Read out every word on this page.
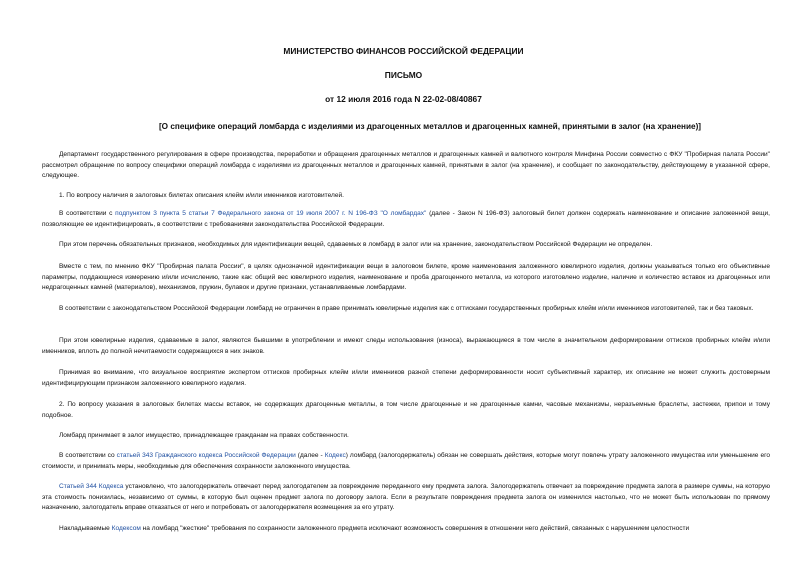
МИНИСТЕРСТВО ФИНАНСОВ РОССИЙСКОЙ ФЕДЕРАЦИИ
ПИСЬМО
от 12 июля 2016 года N 22-02-08/40867
[О специфике операций ломбарда с изделиями из драгоценных металлов и драгоценных камней, принятыми в залог (на хранение)]

Департамент государственного регулирования в сфере производства, переработки и обращения драгоценных металлов и драгоценных камней и валютного контроля Минфина России совместно с ФКУ "Пробирная палата России" рассмотрел обращение по вопросу специфики операций ломбарда с изделиями из драгоценных металлов и драгоценных камней, принятыми в залог (на хранение), и сообщает по законодательству, действующему в указанной сфере, следующее.

1. По вопросу наличия в залоговых билетах описания клейм и/или именников изготовителей.

В соответствии с подпунктом 3 пункта 5 статьи 7 Федерального закона от 19 июля 2007 г. N 196-ФЗ "О ломбардах" (далее - Закон N 196-ФЗ) залоговый билет должен содержать наименование и описание заложенной вещи, позволяющие ее идентифицировать, в соответствии с требованиями законодательства Российской Федерации.

При этом перечень обязательных признаков, необходимых для идентификации вещей, сдаваемых в ломбард в залог или на хранение, законодательством Российской Федерации не определен.

Вместе с тем, по мнению ФКУ "Пробирная палата России", в целях однозначной идентификации вещи в залоговом билете, кроме наименования заложенного ювелирного изделия, должны указываться только его объективные параметры, поддающиеся измерению и/или исчислению, такие как: общий вес ювелирного изделия, наименование и проба драгоценного металла, из которого изготовлено изделие, наличие и количество вставок из драгоценных или недрагоценных камней (материалов), механизмов, пружин, булавок и другие признаки, устанавливаемые ломбардами.

В соответствии с законодательством Российской Федерации ломбард не ограничен в праве принимать ювелирные изделия как с оттисками государственных пробирных клейм и/или именников изготовителей, так и без таковых.

При этом ювелирные изделия, сдаваемые в залог, являются бывшими в употреблении и имеют следы использования (износа), выражающиеся в том числе в значительном деформировании оттисков пробирных клейм и/или именников, вплоть до полной нечитаемости содержащихся в них знаков.

Принимая во внимание, что визуальное восприятие экспертом оттисков пробирных клейм и/или именников разной степени деформированности носит субъективный характер, их описание не может служить достоверным идентифицирующим признаком заложенного ювелирного изделия.

2. По вопросу указания в залоговых билетах массы вставок, не содержащих драгоценные металлы, в том числе драгоценные и не драгоценные камни, часовые механизмы, неразъемные браслеты, застежки, припои и тому подобное.

Ломбард принимает в залог имущество, принадлежащее гражданам на правах собственности.

В соответствии со статьей 343 Гражданского кодекса Российской Федерации (далее - Кодекс) ломбард (залогодержатель) обязан не совершать действия, которые могут повлечь утрату заложенного имущества или уменьшение его стоимости, и принимать меры, необходимые для обеспечения сохранности заложенного имущества.

Статьей 344 Кодекса установлено, что залогодержатель отвечает перед залогодателем за повреждение переданного ему предмета залога. Залогодержатель отвечает за повреждение предмета залога в размере суммы, на которую эта стоимость понизилась, независимо от суммы, в которую был оценен предмет залога по договору залога. Если в результате повреждения предмета залога он изменился настолько, что не может быть использован по прямому назначению, залогодатель вправе отказаться от него и потребовать от залогодержателя возмещения за его утрату.

Накладываемые Кодексом на ломбард "жесткие" требования по сохранности заложенного предмета исключают возможность совершения в отношении него действий, связанных с нарушением целостности
